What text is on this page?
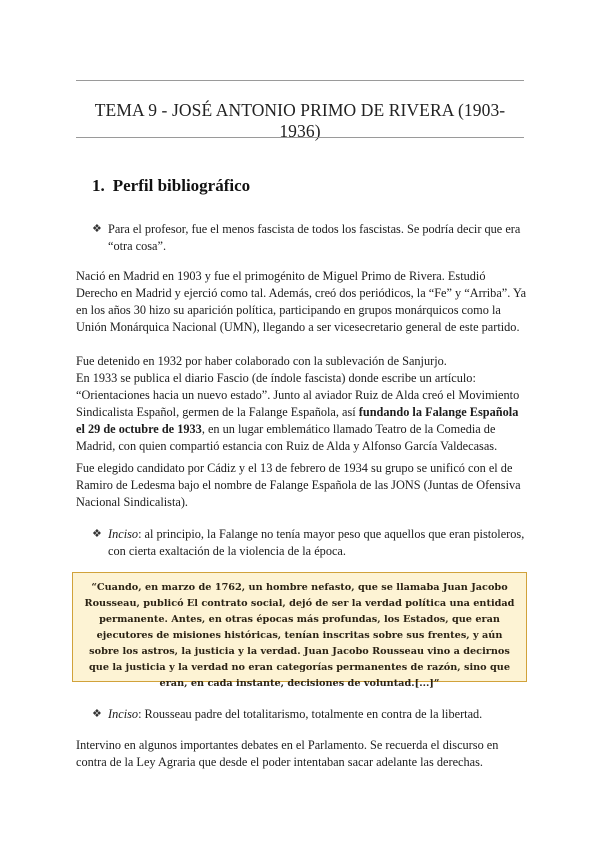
TEMA 9 - JOSÉ ANTONIO PRIMO DE RIVERA (1903-1936)
1. Perfil bibliográfico
❖ Para el profesor, fue el menos fascista de todos los fascistas. Se podría decir que era “otra cosa”.
Nació en Madrid en 1903 y fue el primogénito de Miguel Primo de Rivera. Estudió Derecho en Madrid y ejerció como tal. Además, creó dos periódicos, la “Fe” y “Arriba”. Ya en los años 30 hizo su aparición política, participando en grupos monárquicos como la Unión Monárquica Nacional (UMN), llegando a ser vicesecretario general de este partido.
Fue detenido en 1932 por haber colaborado con la sublevación de Sanjurjo.
En 1933 se publica el diario Fascio (de índole fascista) donde escribe un artículo: “Orientaciones hacia un nuevo estado”. Junto al aviador Ruiz de Alda creó el Movimiento Sindicalista Español, germen de la Falange Española, así fundando la Falange Española el 29 de octubre de 1933, en un lugar emblemático llamado Teatro de la Comedia de Madrid, con quien compartió estancia con Ruiz de Alda y Alfonso García Valdecasas.
Fue elegido candidato por Cádiz y el 13 de febrero de 1934 su grupo se unificó con el de Ramiro de Ledesma bajo el nombre de Falange Española de las JONS (Juntas de Ofensiva Nacional Sindicalista).
❖ Inciso: al principio, la Falange no tenía mayor peso que aquellos que eran pistoleros, con cierta exaltación de la violencia de la época.
“Cuando, en marzo de 1762, un hombre nefasto, que se llamaba Juan Jacobo Rousseau, publicó El contrato social, dejó de ser la verdad política una entidad permanente. Antes, en otras épocas más profundas, los Estados, que eran ejecutores de misiones históricas, tenían inscritas sobre sus frentes, y aún sobre los astros, la justicia y la verdad. Juan Jacobo Rousseau vino a decirnos que la justicia y la verdad no eran categorías permanentes de razón, sino que eran, en cada instante, decisiones de voluntad.[...]”
❖ Inciso: Rousseau padre del totalitarismo, totalmente en contra de la libertad.
Intervino en algunos importantes debates en el Parlamento. Se recuerda el discurso en contra de la Ley Agraria que desde el poder intentaban sacar adelante las derechas.
